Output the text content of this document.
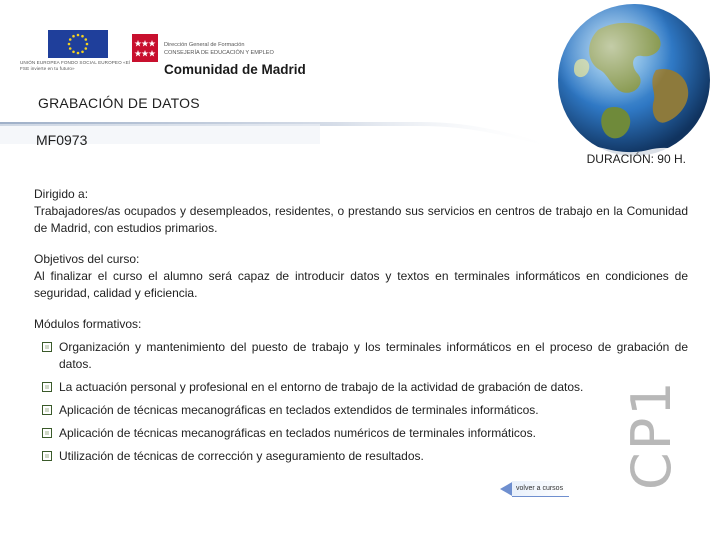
UNIÓN EUROPEA FONDO SOCIAL EUROPEO «El FSE invierte en tu futuro»
Dirección General de Formación
CONSEJERÍA DE EDUCACIÓN Y EMPLEO
Comunidad de Madrid
GRABACIÓN DE DATOS
MF0973
DURACIÓN: 90 H.
Dirigido a:
Trabajadores/as ocupados y desempleados, residentes, o prestando sus servicios en centros de trabajo en la Comunidad de Madrid, con estudios primarios.
Objetivos del curso:
Al finalizar el curso el alumno será capaz de introducir datos y textos en terminales informáticos en condiciones de seguridad, calidad y eficiencia.
Módulos formativos:
Organización y mantenimiento del puesto de trabajo y los terminales informáticos en el proceso de grabación de datos.
La actuación personal y profesional en el entorno de trabajo de la actividad de grabación de datos.
Aplicación de técnicas mecanográficas en teclados extendidos de terminales informáticos.
Aplicación de técnicas mecanográficas en teclados numéricos de terminales informáticos.
Utilización de técnicas de corrección y aseguramiento de resultados.	CP1
volver a cursos
